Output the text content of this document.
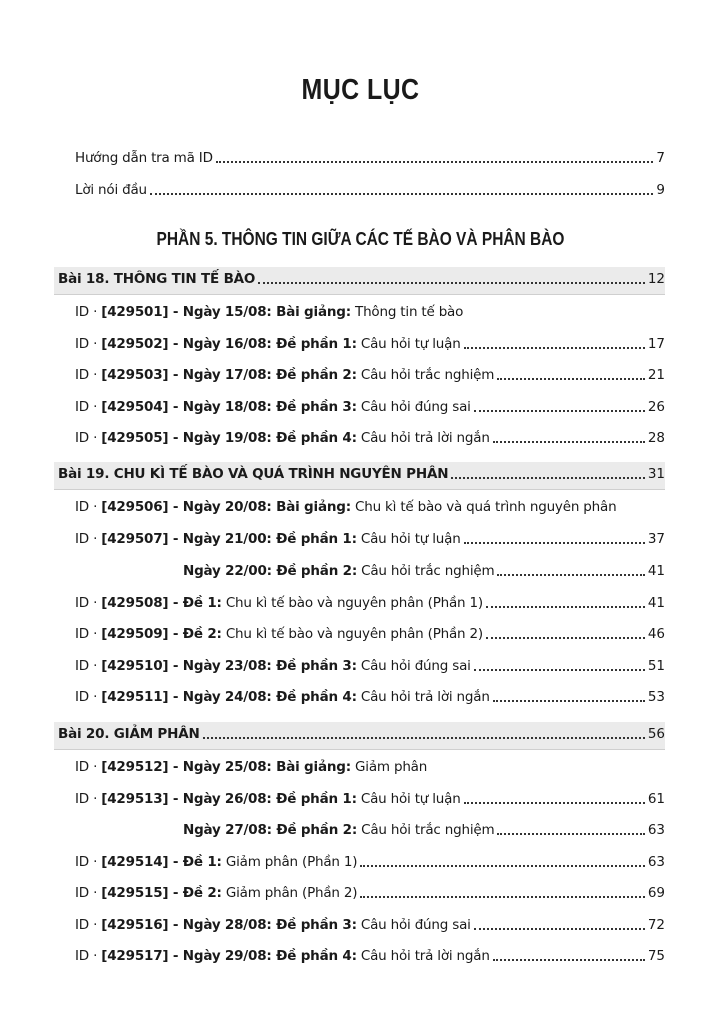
MỤC LỤC
Hướng dẫn tra mã ID	7
Lời nói đầu	9
PHẦN 5. THÔNG TIN GIỮA CÁC TẾ BÀO VÀ PHÂN BÀO
Bài 18. THÔNG TIN TẾ BÀO	12
ID · [429501] - Ngày 15/08: Bài giảng: Thông tin tế bào
ID · [429502] - Ngày 16/08: Đề phần 1: Câu hỏi tự luận	17
ID · [429503] - Ngày 17/08: Đề phần 2: Câu hỏi trắc nghiệm	21
ID · [429504] - Ngày 18/08: Đề phần 3: Câu hỏi đúng sai	26
ID · [429505] - Ngày 19/08: Đề phần 4: Câu hỏi trả lời ngắn	28
Bài 19. CHU KÌ TẾ BÀO VÀ QUÁ TRÌNH NGUYÊN PHÂN	31
ID · [429506] - Ngày 20/08: Bài giảng: Chu kì tế bào và quá trình nguyên phân
ID · [429507] - Ngày 21/00: Đề phần 1: Câu hỏi tự luận	37
Ngày 22/00: Đề phần 2: Câu hỏi trắc nghiệm	41
ID · [429508] - Đề 1: Chu kì tế bào và nguyên phân (Phần 1)	41
ID · [429509] - Đề 2: Chu kì tế bào và nguyên phân (Phần 2)	46
ID · [429510] - Ngày 23/08: Đề phần 3: Câu hỏi đúng sai	51
ID · [429511] - Ngày 24/08: Đề phần 4: Câu hỏi trả lời ngắn	53
Bài 20. GIẢM PHÂN	56
ID · [429512] - Ngày 25/08: Bài giảng: Giảm phân
ID · [429513] - Ngày 26/08: Đề phần 1: Câu hỏi tự luận	61
Ngày 27/08: Đề phần 2: Câu hỏi trắc nghiệm	63
ID · [429514] - Đề 1: Giảm phân (Phần 1)	63
ID · [429515] - Đề 2: Giảm phân (Phần 2)	69
ID · [429516] - Ngày 28/08: Đề phần 3: Câu hỏi đúng sai	72
ID · [429517] - Ngày 29/08: Đề phần 4: Câu hỏi trả lời ngắn	75
